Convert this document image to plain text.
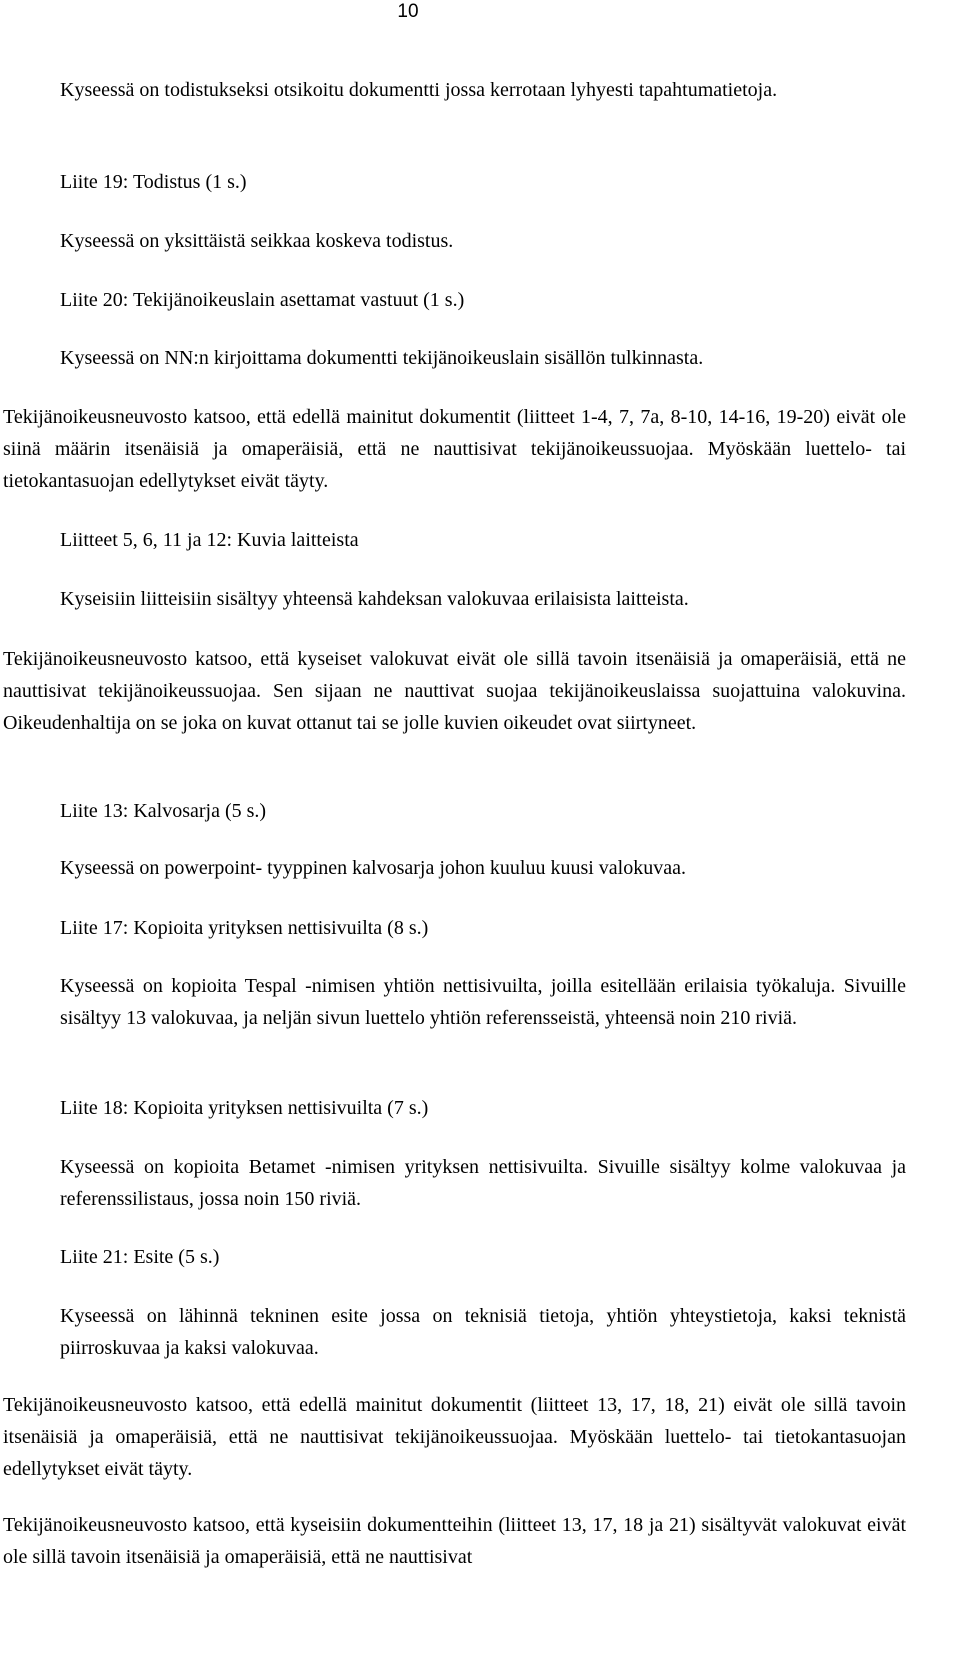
10

Kyseessä on todistukseksi otsikoitu dokumentti jossa kerrotaan lyhyesti tapahtumatietoja.

Liite 19: Todistus (1 s.)

Kyseessä on yksittäistä seikkaa koskeva todistus.

Liite 20: Tekijänoikeuslain asettamat vastuut (1 s.)

Kyseessä on NN:n kirjoittama dokumentti tekijänoikeuslain sisällön tulkinnasta.

Tekijänoikeusneuvosto katsoo, että edellä mainitut dokumentit (liitteet 1-4, 7, 7a, 8-10, 14-16, 19-20) eivät ole siinä määrin itsenäisiä ja omaperäisiä, että ne nauttisivat tekijänoikeussuojaa. Myöskään luettelo- tai tietokantasuojan edellytykset eivät täyty.

Liitteet 5, 6, 11 ja 12: Kuvia laitteista

Kyseisiin liitteisiin sisältyy yhteensä kahdeksan valokuvaa erilaisista laitteista.

Tekijänoikeusneuvosto katsoo, että kyseiset valokuvat eivät ole sillä tavoin itsenäisiä ja omaperäisiä, että ne nauttisivat tekijänoikeussuojaa. Sen sijaan ne nauttivat suojaa tekijänoikeuslaissa suojattuina valokuvina. Oikeudenhaltija on se joka on kuvat ottanut tai se jolle kuvien oikeudet ovat siirtyneet.

Liite 13: Kalvosarja (5 s.)

Kyseessä on powerpoint- tyyppinen kalvosarja johon kuuluu kuusi valokuvaa.

Liite 17: Kopioita yrityksen nettisivuilta (8 s.)

Kyseessä on kopioita Tespal -nimisen yhtiön nettisivuilta, joilla esitellään erilaisia työkaluja. Sivuille sisältyy 13 valokuvaa, ja neljän sivun luettelo yhtiön referensseistä, yhteensä noin 210 riviä.

Liite 18: Kopioita yrityksen nettisivuilta (7 s.)

Kyseessä on kopioita Betamet -nimisen yrityksen nettisivuilta. Sivuille sisältyy kolme valokuvaa ja referenssilistaus, jossa noin 150 riviä.

Liite 21: Esite (5 s.)

Kyseessä on lähinnä tekninen esite jossa on teknisiä tietoja, yhtiön yhteystietoja, kaksi teknistä piirroskuvaa ja kaksi valokuvaa.

Tekijänoikeusneuvosto katsoo, että edellä mainitut dokumentit (liitteet 13, 17, 18, 21) eivät ole sillä tavoin itsenäisiä ja omaperäisiä, että ne nauttisivat tekijänoikeussuojaa. Myöskään luettelo- tai tietokantasuojan edellytykset eivät täyty.

Tekijänoikeusneuvosto katsoo, että kyseisiin dokumentteihin (liitteet 13, 17, 18 ja 21) sisältyvät valokuvat eivät ole sillä tavoin itsenäisiä ja omaperäisiä, että ne nauttisivat
